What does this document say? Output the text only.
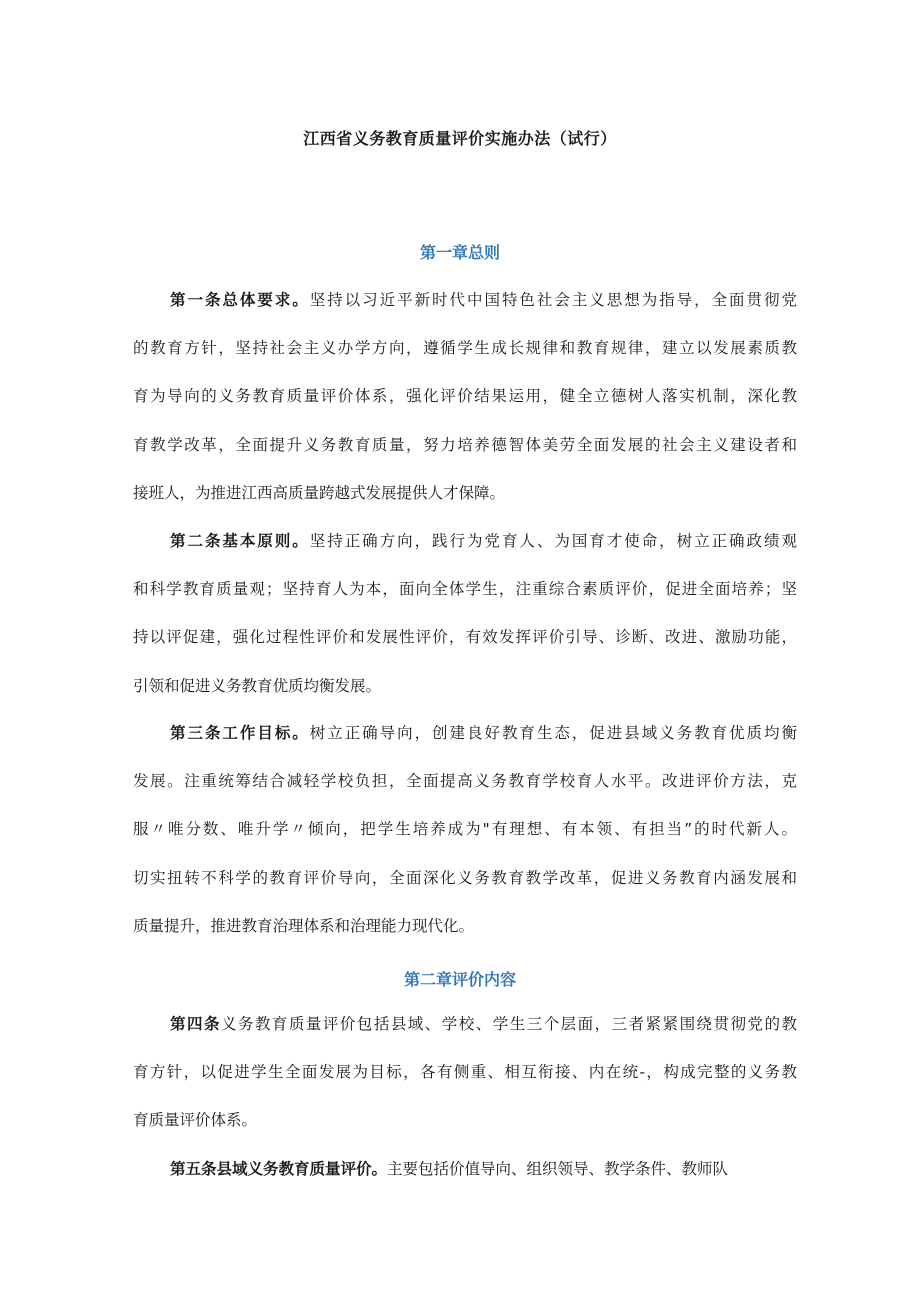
江西省义务教育质量评价实施办法（试行）
第一章总则
第一条总体要求。坚持以习近平新时代中国特色社会主义思想为指导，全面贯彻党
的教育方针，坚持社会主义办学方向，遵循学生成长规律和教育规律，建立以发展素质教
育为导向的义务教育质量评价体系，强化评价结果运用，健全立德树人落实机制，深化教
育教学改革，全面提升义务教育质量，努力培养德智体美劳全面发展的社会主义建设者和
接班人，为推进江西高质量跨越式发展提供人才保障。
第二条基本原则。坚持正确方向，践行为党育人、为国育才使命，树立正确政绩观
和科学教育质量观；坚持育人为本，面向全体学生，注重综合素质评价，促进全面培养；坚
持以评促建，强化过程性评价和发展性评价，有效发挥评价引导、诊断、改进、激励功能，
引领和促进义务教育优质均衡发展。
第三条工作目标。树立正确导向，创建良好教育生态，促进县域义务教育优质均衡
发展。注重统筹结合减轻学校负担，全面提高义务教育学校育人水平。改进评价方法，克
服〃唯分数、唯升学〃倾向，把学生培养成为"有理想、有本领、有担当”的时代新人。
切实扭转不科学的教育评价导向，全面深化义务教育教学改革，促进义务教育内涵发展和
质量提升，推进教育治理体系和治理能力现代化。
第二章评价内容
第四条义务教育质量评价包括县域、学校、学生三个层面，三者紧紧围绕贯彻党的教
育方针，以促进学生全面发展为目标，各有侧重、相互衔接、内在统-，构成完整的义务教
育质量评价体系。
第五条县域义务教育质量评价。主要包括价值导向、组织领导、教学条件、教师队
